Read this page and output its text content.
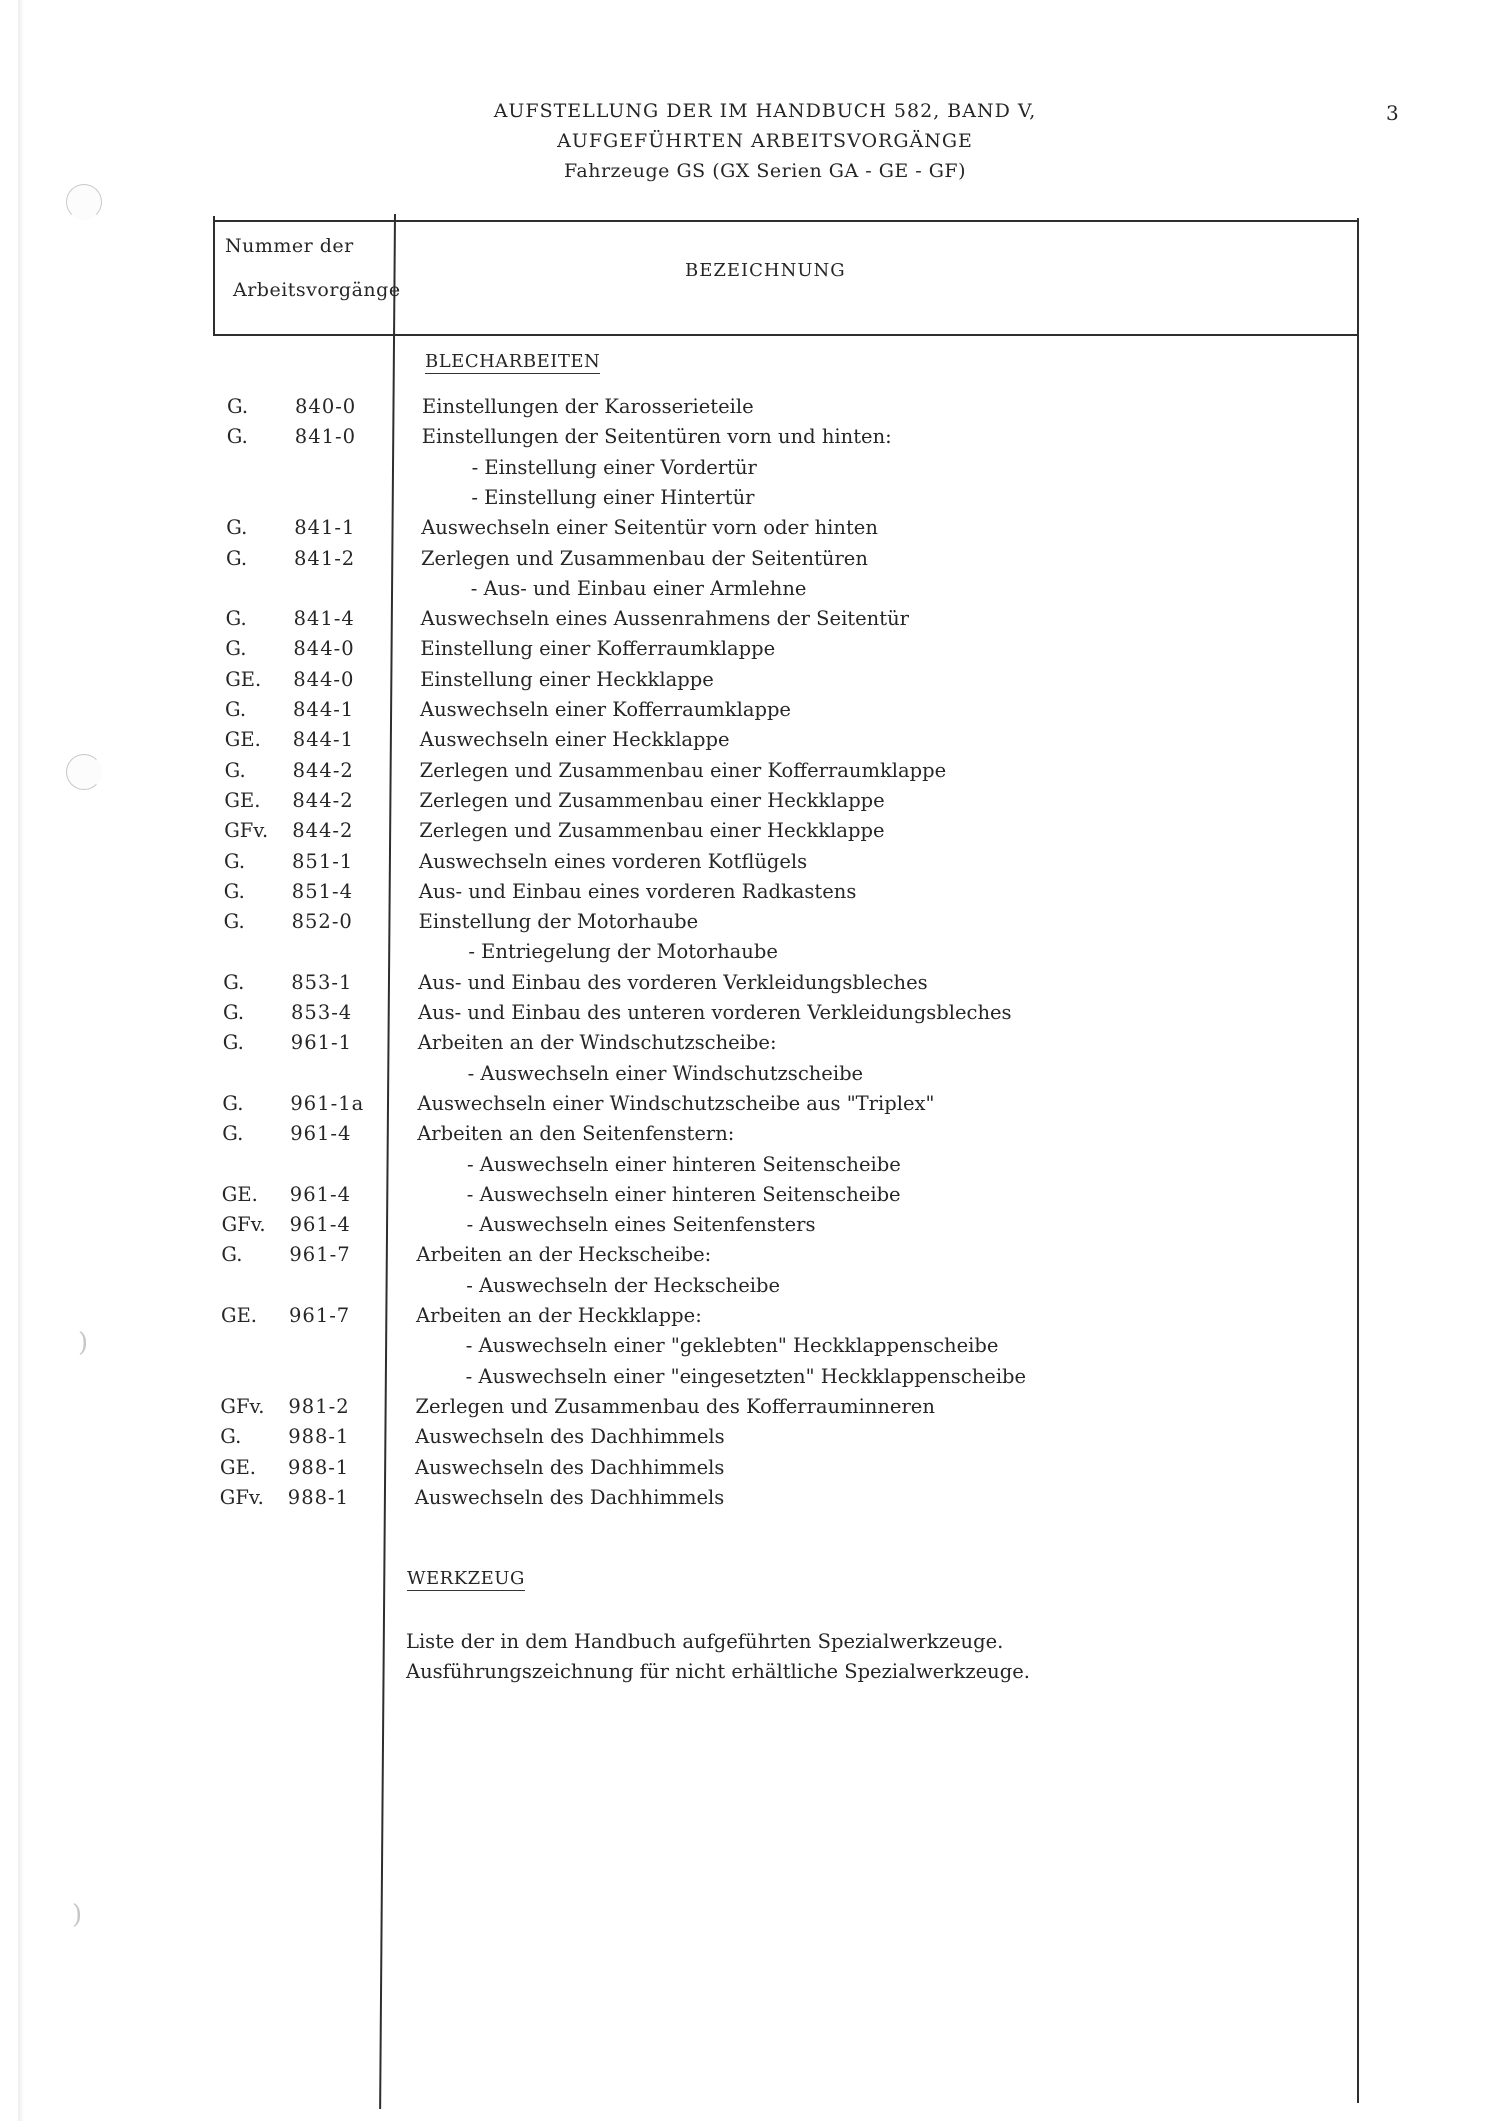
)
)
AUFSTELLUNG DER IM HANDBUCH 582, BAND V,
AUFGEFÜHRTEN ARBEITSVORGÄNGE
Fahrzeuge GS (GX Serien GA - GE - GF)
3
Nummer der
Arbeitsvorgänge
BEZEICHNUNG
BLECHARBEITEN
G. 840-0	Einstellungen der Karosserieteile
G. 841-0	Einstellungen der Seitentüren vorn und hinten:
- Einstellung einer Vordertür
- Einstellung einer Hintertür
G. 841-1	Auswechseln einer Seitentür vorn oder hinten
G. 841-2	Zerlegen und Zusammenbau der Seitentüren
- Aus- und Einbau einer Armlehne
G. 841-4	Auswechseln eines Aussenrahmens der Seitentür
G. 844-0	Einstellung einer Kofferraumklappe
GE. 844-0	Einstellung einer Heckklappe
G. 844-1	Auswechseln einer Kofferraumklappe
GE. 844-1	Auswechseln einer Heckklappe
G. 844-2	Zerlegen und Zusammenbau einer Kofferraumklappe
GE. 844-2	Zerlegen und Zusammenbau einer Heckklappe
GFv. 844-2	Zerlegen und Zusammenbau einer Heckklappe
G. 851-1	Auswechseln eines vorderen Kotflügels
G. 851-4	Aus- und Einbau eines vorderen Radkastens
G. 852-0	Einstellung der Motorhaube
- Entriegelung der Motorhaube
G. 853-1	Aus- und Einbau des vorderen Verkleidungsbleches
G. 853-4	Aus- und Einbau des unteren vorderen Verkleidungsbleches
G. 961-1	Arbeiten an der Windschutzscheibe:
- Auswechseln einer Windschutzscheibe
G. 961-1a	Auswechseln einer Windschutzscheibe aus "Triplex"
G. 961-4	Arbeiten an den Seitenfenstern:
- Auswechseln einer hinteren Seitenscheibe
GE. 961-4	- Auswechseln einer hinteren Seitenscheibe
GFv. 961-4	- Auswechseln eines Seitenfensters
G. 961-7	Arbeiten an der Heckscheibe:
- Auswechseln der Heckscheibe
GE. 961-7	Arbeiten an der Heckklappe:
- Auswechseln einer "geklebten" Heckklappenscheibe
- Auswechseln einer "eingesetzten" Heckklappenscheibe
GFv. 981-2	Zerlegen und Zusammenbau des Kofferrauminneren
G. 988-1	Auswechseln des Dachhimmels
GE. 988-1	Auswechseln des Dachhimmels
GFv. 988-1	Auswechseln des Dachhimmels
WERKZEUG
Liste der in dem Handbuch aufgeführten Spezialwerkzeuge.
Ausführungszeichnung für nicht erhältliche Spezialwerkzeuge.
